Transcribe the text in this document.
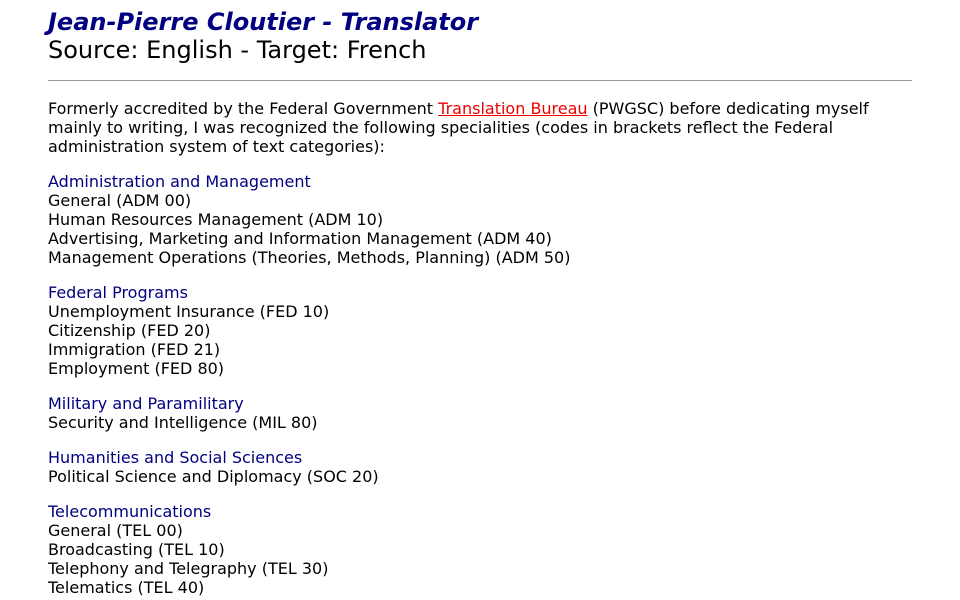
Jean-Pierre Cloutier - Translator
Source: English - Target: French

Formerly accredited by the Federal Government Translation Bureau (PWGSC) before dedicating myself mainly to writing, I was recognized the following specialities (codes in brackets reflect the Federal administration system of text categories):

Administration and Management
General (ADM 00)
Human Resources Management (ADM 10)
Advertising, Marketing and Information Management (ADM 40)
Management Operations (Theories, Methods, Planning) (ADM 50)
Federal Programs
Unemployment Insurance (FED 10)
Citizenship (FED 20)
Immigration (FED 21)
Employment (FED 80)
Military and Paramilitary
Security and Intelligence (MIL 80)
Humanities and Social Sciences
Political Science and Diplomacy (SOC 20)
Telecommunications
General (TEL 00)
Broadcasting (TEL 10)
Telephony and Telegraphy (TEL 30)
Telematics (TEL 40)
